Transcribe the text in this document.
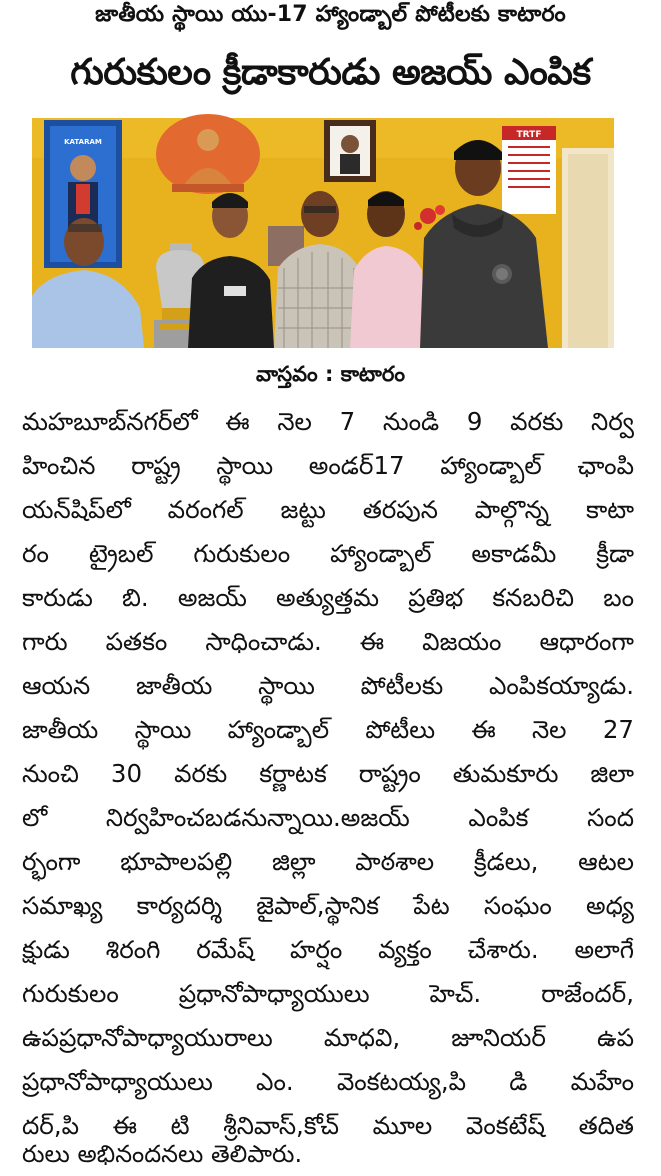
జాతీయ స్థాయి యు-17 హ్యాండ్బాల్ పోటీలకు కాటారం
గురుకులం క్రీడాకారుడు అజయ్ ఎంపిక
KATARAM
TRTF
వాస్తవం : కాటారం
మహబూబ్‌నగర్‌లో ఈ నెల 7 నుండి 9 వరకు నిర్వ
హించిన రాష్ట్ర స్థాయి అండర్17 హ్యాండ్బాల్ ఛాంపి
యన్‌షిప్‌లో వరంగల్ జట్టు తరపున పాల్గొన్న కాటా
రం ట్రైబల్ గురుకులం హ్యాండ్బాల్ అకాడమీ క్రీడా
కారుడు బి. అజయ్ అత్యుత్తమ ప్రతిభ కనబరిచి బం
గారు పతకం సాధించాడు. ఈ విజయం ఆధారంగా
ఆయన జాతీయ స్థాయి పోటీలకు ఎంపికయ్యాడు.
జాతీయ స్థాయి హ్యాండ్బాల్ పోటీలు ఈ నెల 27
నుంచి 30 వరకు కర్ణాటక రాష్ట్రం తుమకూరు జిలా
లో నిర్వహించబడనున్నాయి.అజయ్ ఎంపిక సంద
ర్భంగా భూపాలపల్లి జిల్లా పాఠశాల క్రీడలు, ఆటల
సమాఖ్య కార్యదర్శి జైపాల్,స్థానిక పేట సంఘం అధ్య
క్షుడు శిరంగి రమేష్ హర్షం వ్యక్తం చేశారు. అలాగే
గురుకులం ప్రధానోపాధ్యాయులు హెచ్. రాజేందర్,
ఉపప్రధానోపాధ్యాయురాలు మాధవి, జూనియర్ ఉప
ప్రధానోపాధ్యాయులు ఎం. వెంకటయ్య,పి డి మహేం
దర్,పి ఈ టి శ్రీనివాస్,కోచ్ మూల వెంకటేష్ తదిత
రులు అభినందనలు తెలిపారు.
